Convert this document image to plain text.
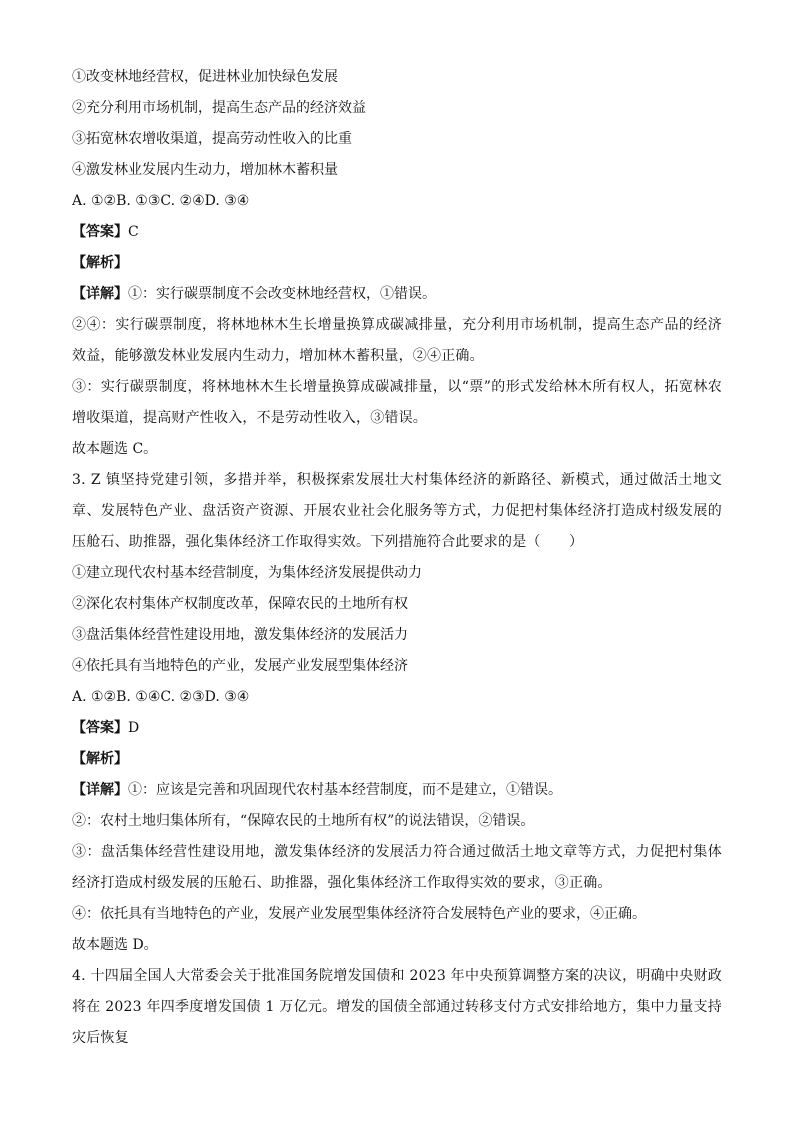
①改变林地经营权，促进林业加快绿色发展
②充分利用市场机制，提高生态产品的经济效益
③拓宽林农增收渠道，提高劳动性收入的比重
④激发林业发展内生动力，增加林木蓄积量
A. ①②B. ①③C. ②④D. ③④
【答案】C
【解析】
【详解】①：实行碳票制度不会改变林地经营权，①错误。
②④：实行碳票制度，将林地林木生长增量换算成碳减排量，充分利用市场机制，提高生态产品的经济效益，能够激发林业发展内生动力，增加林木蓄积量，②④正确。
③：实行碳票制度，将林地林木生长增量换算成碳减排量，以“票”的形式发给林木所有权人，拓宽林农增收渠道，提高财产性收入，不是劳动性收入，③错误。
故本题选 C。
3. Z 镇坚持党建引领，多措并举，积极探索发展壮大村集体经济的新路径、新模式，通过做活土地文章、发展特色产业、盘活资产资源、开展农业社会化服务等方式，力促把村集体经济打造成村级发展的压舱石、助推器，强化集体经济工作取得实效。下列措施符合此要求的是（　　）
①建立现代农村基本经营制度，为集体经济发展提供动力
②深化农村集体产权制度改革，保障农民的土地所有权
③盘活集体经营性建设用地，激发集体经济的发展活力
④依托具有当地特色的产业，发展产业发展型集体经济
A. ①②B. ①④C. ②③D. ③④
【答案】D
【解析】
【详解】①：应该是完善和巩固现代农村基本经营制度，而不是建立，①错误。
②：农村土地归集体所有，“保障农民的土地所有权”的说法错误，②错误。
③：盘活集体经营性建设用地，激发集体经济的发展活力符合通过做活土地文章等方式，力促把村集体经济打造成村级发展的压舱石、助推器，强化集体经济工作取得实效的要求，③正确。
④：依托具有当地特色的产业，发展产业发展型集体经济符合发展特色产业的要求，④正确。
故本题选 D。
4. 十四届全国人大常委会关于批准国务院增发国债和 2023 年中央预算调整方案的决议，明确中央财政将在 2023 年四季度增发国债 1 万亿元。增发的国债全部通过转移支付方式安排给地方，集中力量支持灾后恢复
